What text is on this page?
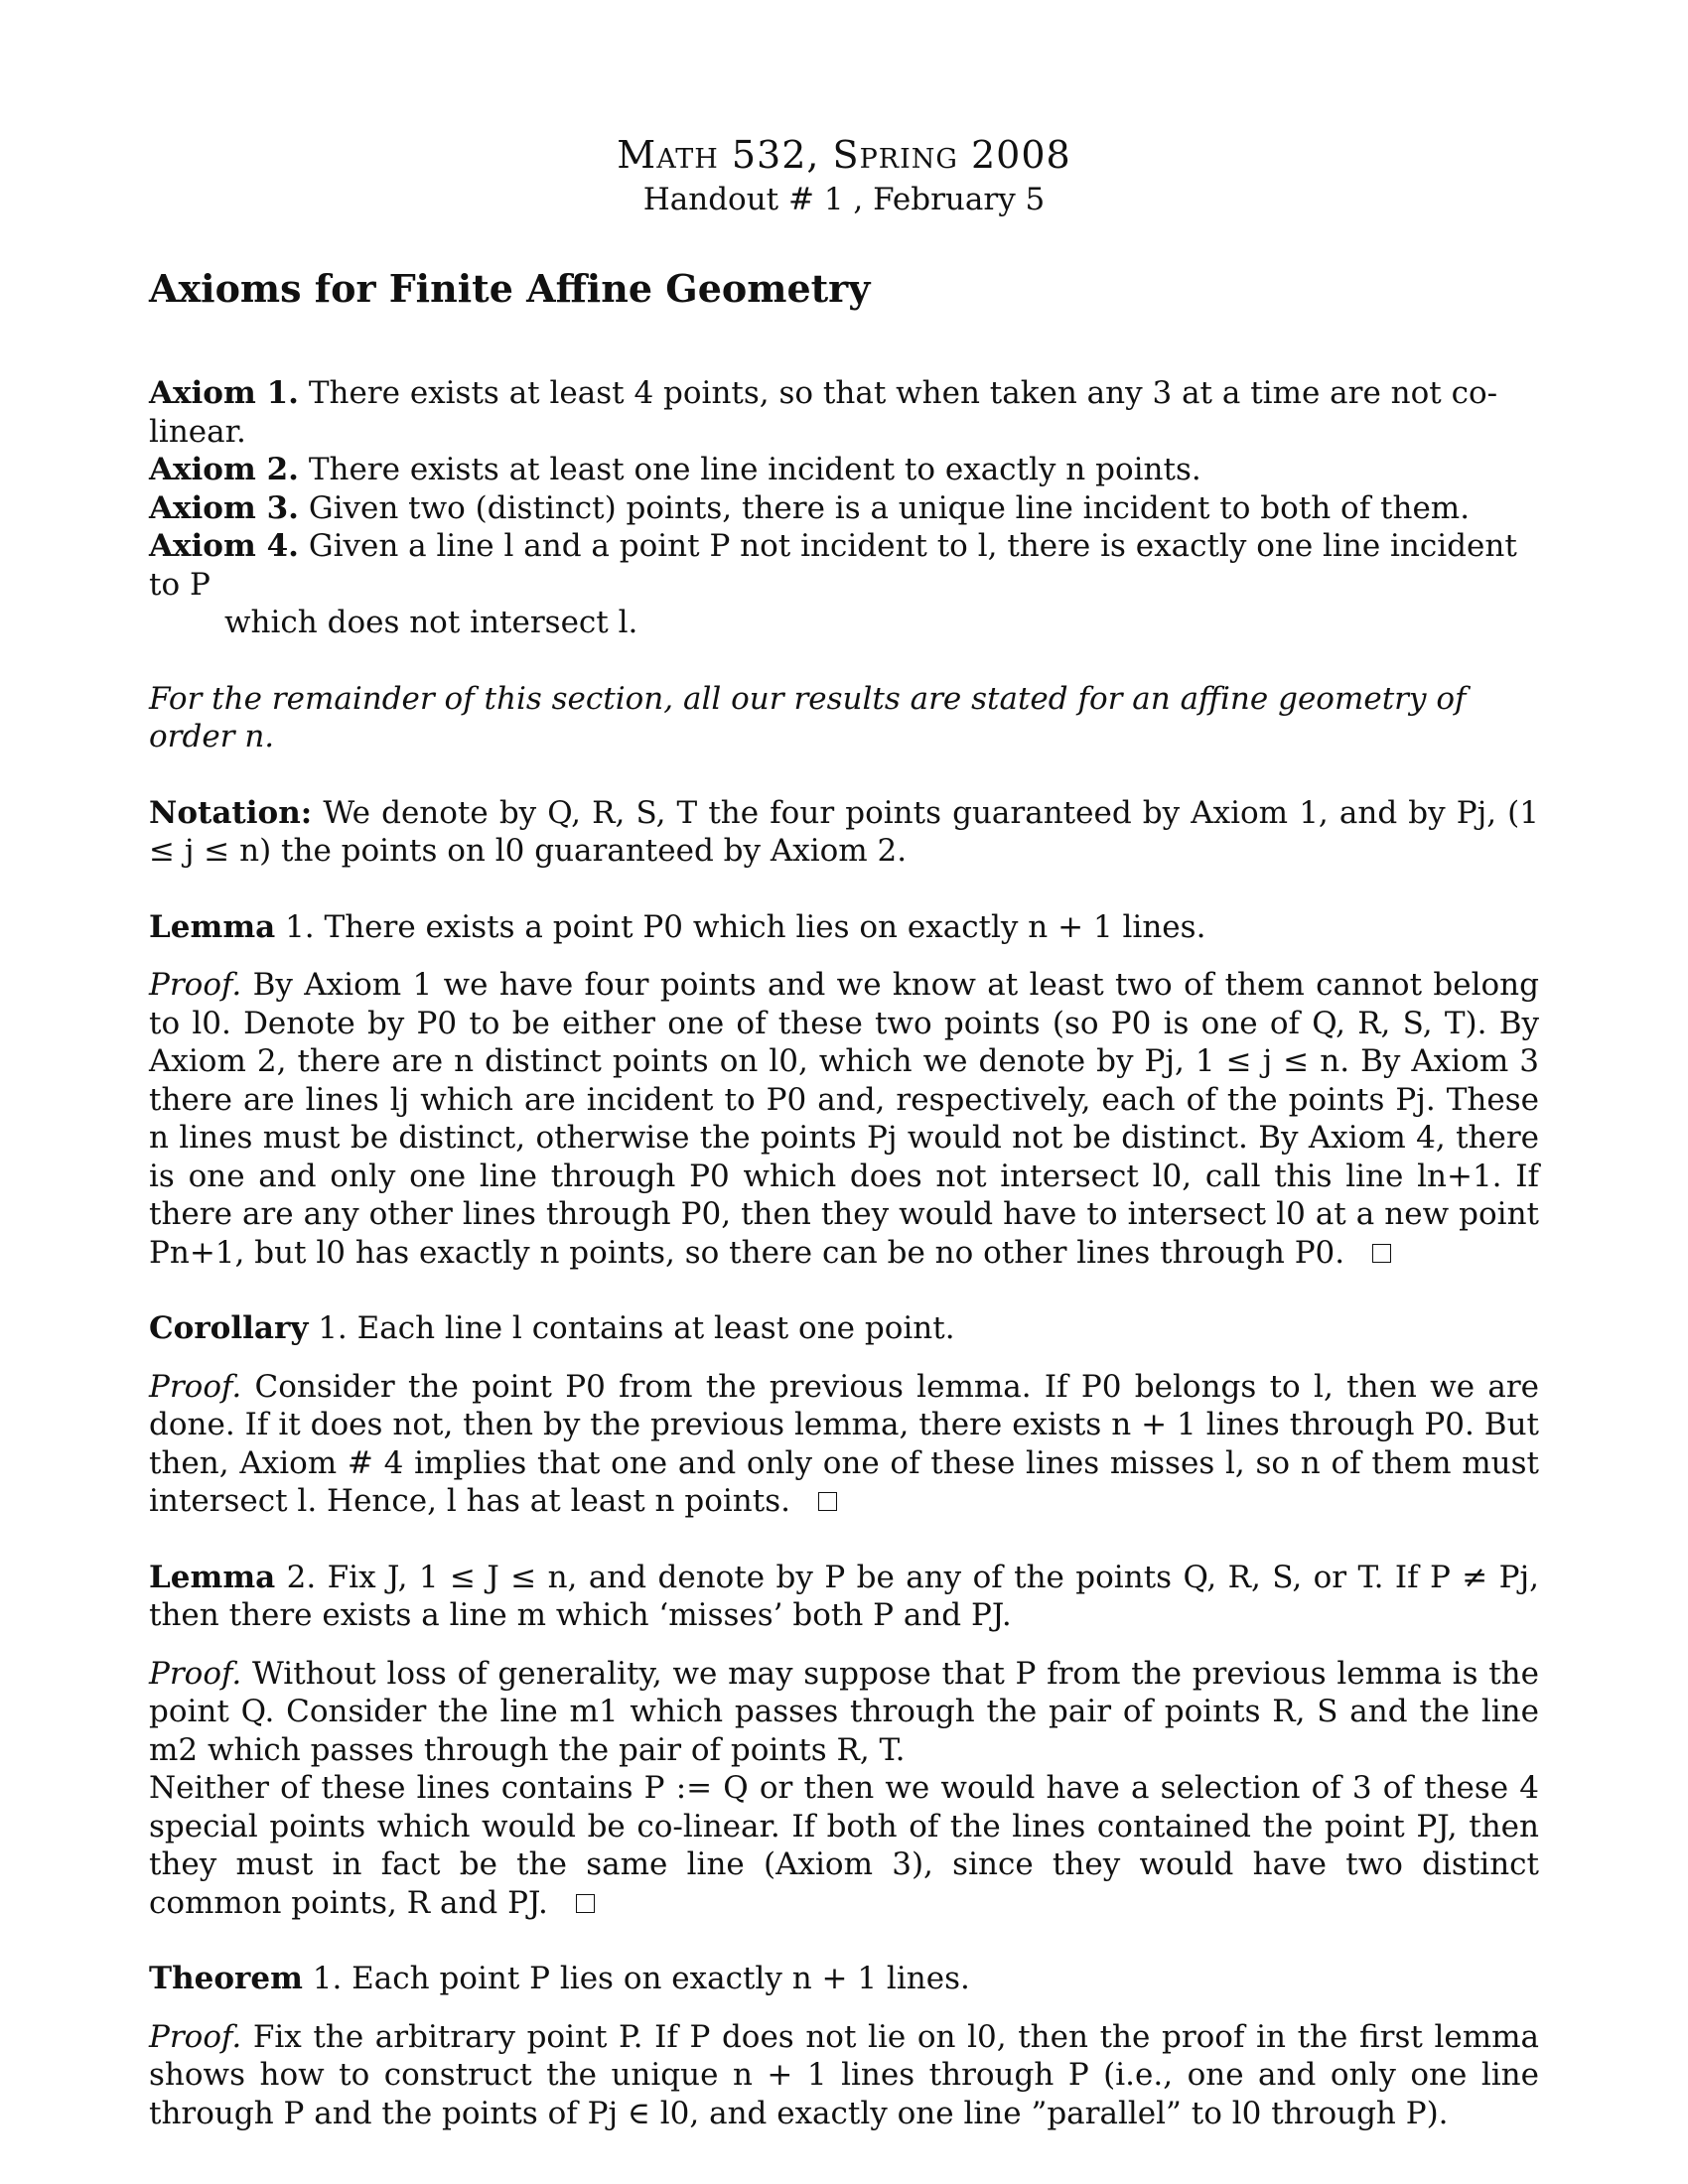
Math 532, Spring 2008

Handout # 1 , February 5

Axioms for Finite Affine Geometry
Axiom 1. There exists at least 4 points, so that when taken any 3 at a time are not co-linear.
Axiom 2. There exists at least one line incident to exactly n points.
Axiom 3. Given two (distinct) points, there is a unique line incident to both of them.
Axiom 4. Given a line l and a point P not incident to l, there is exactly one line incident to P
which does not intersect l.
For the remainder of this section, all our results are stated for an affine geometry of order n.
Notation: We denote by Q, R, S, T the four points guaranteed by Axiom 1, and by Pj, (1 ≤ j ≤ n) the points on l0 guaranteed by Axiom 2.
Lemma 1. There exists a point P0 which lies on exactly n + 1 lines.
Proof. By Axiom 1 we have four points and we know at least two of them cannot belong to l0. Denote by P0 to be either one of these two points (so P0 is one of Q, R, S, T). By Axiom 2, there are n distinct points on l0, which we denote by Pj, 1 ≤ j ≤ n. By Axiom 3 there are lines lj which are incident to P0 and, respectively, each of the points Pj. These n lines must be distinct, otherwise the points Pj would not be distinct. By Axiom 4, there is one and only one line through P0 which does not intersect l0, call this line ln+1. If there are any other lines through P0, then they would have to intersect l0 at a new point Pn+1, but l0 has exactly n points, so there can be no other lines through P0.
Corollary 1. Each line l contains at least one point.
Proof. Consider the point P0 from the previous lemma. If P0 belongs to l, then we are done. If it does not, then by the previous lemma, there exists n + 1 lines through P0. But then, Axiom # 4 implies that one and only one of these lines misses l, so n of them must intersect l. Hence, l has at least n points.
Lemma 2. Fix J, 1 ≤ J ≤ n, and denote by P be any of the points Q, R, S, or T. If P ≠ Pj, then there exists a line m which ‘misses’ both P and PJ.
Proof. Without loss of generality, we may suppose that P from the previous lemma is the point Q. Consider the line m1 which passes through the pair of points R, S and the line m2 which passes through the pair of points R, T.
Neither of these lines contains P := Q or then we would have a selection of 3 of these 4 special points which would be co-linear. If both of the lines contained the point PJ, then they must in fact be the same line (Axiom 3), since they would have two distinct common points, R and PJ.
Theorem 1. Each point P lies on exactly n + 1 lines.
Proof. Fix the arbitrary point P. If P does not lie on l0, then the proof in the first lemma shows how to construct the unique n + 1 lines through P (i.e., one and only one line through P and the points of Pj ∈ l0, and exactly one line ”parallel” to l0 through P).
